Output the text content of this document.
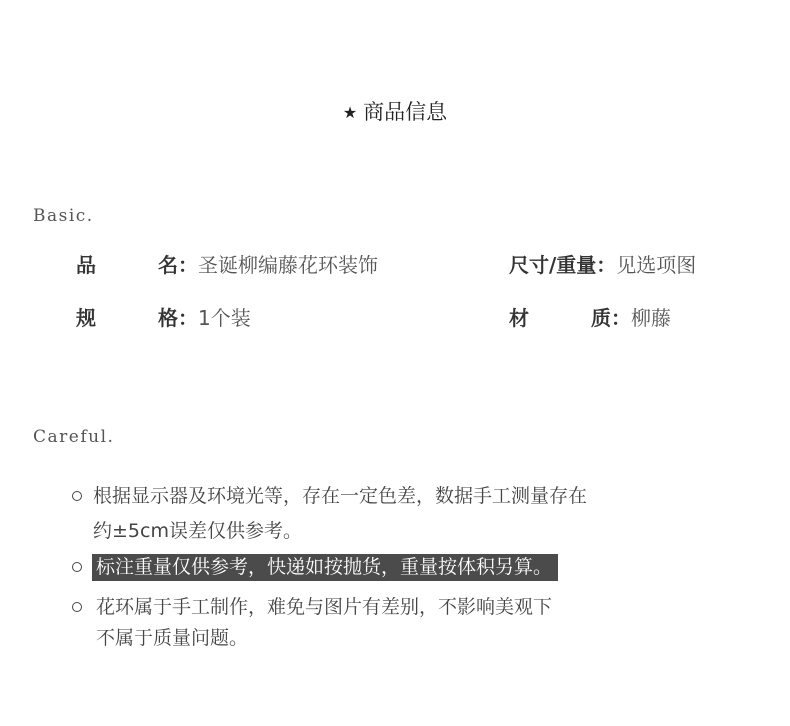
★ 商品信息
Basic.
品	名： 圣诞柳编藤花环装饰	尺寸/重量：见选项图
规	格： 1个装	材	质： 柳藤
Careful.
根据显示器及环境光等，存在一定色差，数据手工测量存在
约±5cm误差仅供参考。
标注重量仅供参考，快递如按抛货，重量按体积另算。
花环属于手工制作，难免与图片有差别，不影响美观下
不属于质量问题。
